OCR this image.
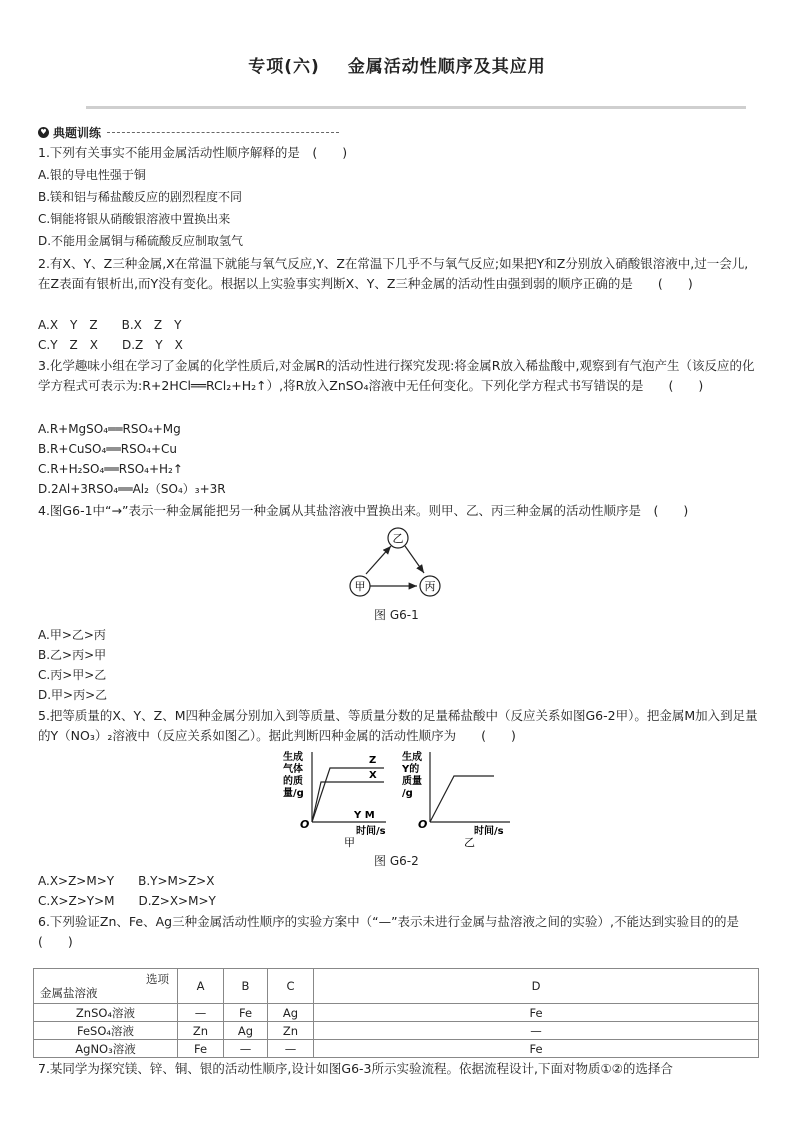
专项(六) 金属活动性顺序及其应用
♥ 典题训练
1.下列有关事实不能用金属活动性顺序解释的是　(　　)
A.银的导电性强于铜
B.镁和铝与稀盐酸反应的剧烈程度不同
C.铜能将银从硝酸银溶液中置换出来
D.不能用金属铜与稀硫酸反应制取氢气
2.有X、Y、Z三种金属,X在常温下就能与氧气反应,Y、Z在常温下几乎不与氧气反应;如果把Y和Z分别放入硝酸银溶液中,过一会儿,在Z表面有银析出,而Y没有变化。根据以上实验事实判断X、Y、Z三种金属的活动性由强到弱的顺序正确的是　　(　　)
A.X　Y　Z　　B.X　Z　Y
C.Y　Z　X　　D.Z　Y　X
3.化学趣味小组在学习了金属的化学性质后,对金属R的活动性进行探究发现:将金属R放入稀盐酸中,观察到有气泡产生（该反应的化学方程式可表示为:R+2HCl══RCl₂+H₂↑）,将R放入ZnSO₄溶液中无任何变化。下列化学方程式书写错误的是　　(　　)
A.R+MgSO₄══RSO₄+Mg
B.R+CuSO₄══RSO₄+Cu
C.R+H₂SO₄══RSO₄+H₂↑
D.2Al+3RSO₄══Al₂（SO₄）₃+3R
4.图G6-1中“→”表示一种金属能把另一种金属从其盐溶液中置换出来。则甲、乙、丙三种金属的活动性顺序是　(　　)
乙
甲	丙
图 G6-1
A.甲>乙>丙
B.乙>丙>甲
C.丙>甲>乙
D.甲>丙>乙
5.把等质量的X、Y、Z、M四种金属分别加入到等质量、等质量分数的足量稀盐酸中（反应关系如图G6-2甲）。把金属M加入到足量的Y（NO₃）₂溶液中（反应关系如图乙）。据此判断四种金属的活动性顺序为　　(　　)
生成
气体
的质
量/g
Z
X
Y M
O
时间/s
甲
生成
Y的
质量
/g
O
时间/s
乙
图 G6-2
A.X>Z>M>Y　　B.Y>M>Z>X
C.X>Z>Y>M　　D.Z>X>M>Y
6.下列验证Zn、Fe、Ag三种金属活动性顺序的实验方案中（“—”表示未进行金属与盐溶液之间的实验）,不能达到实验目的的是　　(　　)
选项
金属盐溶液	A	B	C	D
ZnSO₄溶液	—	Fe	Ag	Fe
FeSO₄溶液	Zn	Ag	Zn	—
AgNO₃溶液	Fe	—	—	Fe
7.某同学为探究镁、锌、铜、银的活动性顺序,设计如图G6-3所示实验流程。依据流程设计,下面对物质①②的选择合
